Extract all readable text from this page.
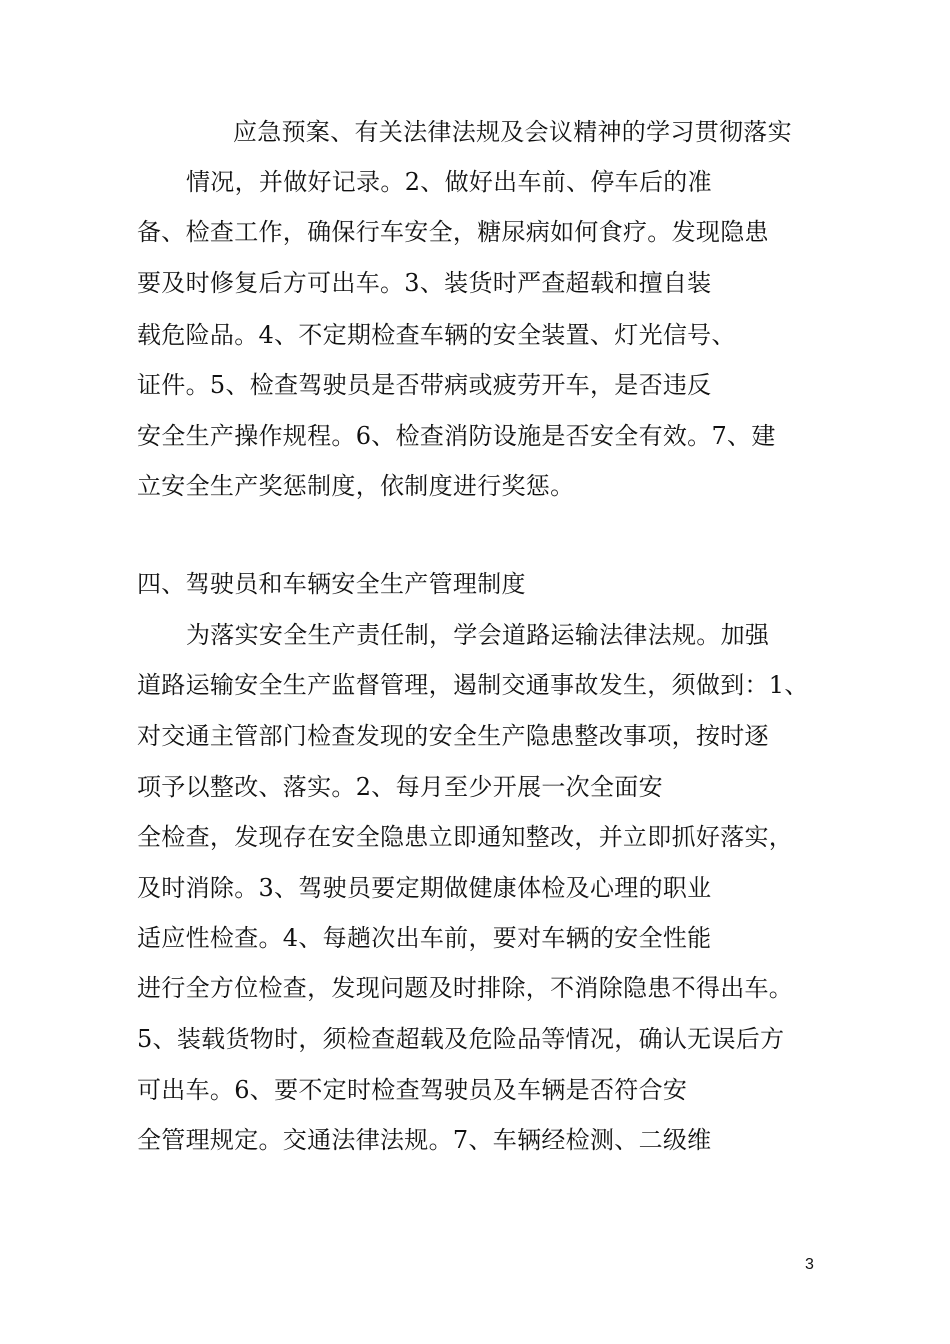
应急预案、有关法律法规及会议精神的学习贯彻落实
情况，并做好记录。2、做好出车前、停车后的准
备、检查工作，确保行车安全，糖尿病如何食疗。发现隐患
要及时修复后方可出车。3、装货时严查超载和擅自装
载危险品。4、不定期检查车辆的安全装置、灯光信号、
证件。5、检查驾驶员是否带病或疲劳开车，是否违反
安全生产操作规程。6、检查消防设施是否安全有效。7、建
立安全生产奖惩制度，依制度进行奖惩。
四、驾驶员和车辆安全生产管理制度
为落实安全生产责任制，学会道路运输法律法规。加强
道路运输安全生产监督管理，遏制交通事故发生，须做到：1、
对交通主管部门检查发现的安全生产隐患整改事项，按时逐
项予以整改、落实。2、每月至少开展一次全面安
全检查，发现存在安全隐患立即通知整改，并立即抓好落实，
及时消除。3、驾驶员要定期做健康体检及心理的职业
适应性检查。4、每趟次出车前，要对车辆的安全性能
进行全方位检查，发现问题及时排除，不消除隐患不得出车。
5、装载货物时，须检查超载及危险品等情况，确认无误后方
可出车。6、要不定时检查驾驶员及车辆是否符合安
全管理规定。交通法律法规。7、车辆经检测、二级维
3
